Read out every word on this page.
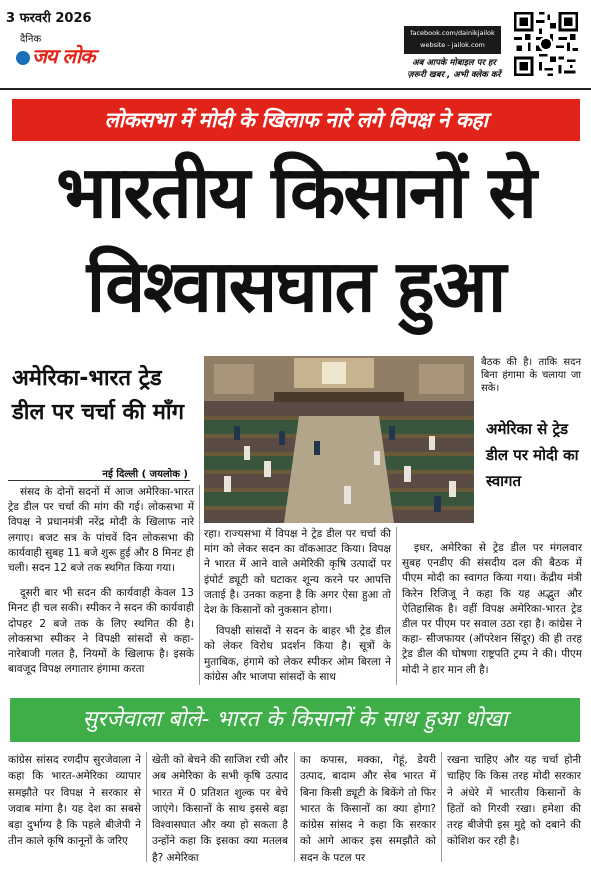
3 फरवरी 2026
दैनिक
जय लोक
facebook.com/dainikjailok
website - jailok.com
अब आपके मोबाइल पर हर
ज़रूरी खबर , अभी क्लेक करें
लोकसभा में मोदी के खिलाफ नारे लगे विपक्ष ने कहा
भारतीय किसानों से
विश्वासघात हुआ
अमेरिका-भारत ट्रेड डील पर चर्चा की माँग
नई दिल्ली ( जयलोक )
बैठक की है। ताकि सदन बिना हंगामा के चलाया जा सके।
अमेरिका से ट्रेड डील पर मोदी का स्वागत

संसद के दोनों सदनों में आज अमेरिका-भारत ट्रेड डील पर चर्चा की मांग की गई। लोकसभा में विपक्ष ने प्रधानमंत्री नरेंद्र मोदी के खिलाफ नारे लगाए। बजट सत्र के पांचवें दिन लोकसभा की कार्यवाही सुबह 11 बजे शुरू हुई और 8 मिनट ही चली। सदन 12 बजे तक स्थगित किया गया।

दूसरी बार भी सदन की कार्यवाही केवल 13 मिनट ही चल सकी। स्पीकर ने सदन की कार्यवाही दोपहर 2 बजे तक के लिए स्थगित की है। लोकसभा स्पीकर ने विपक्षी सांसदों से कहा- नारेबाजी गलत है, नियमों के खिलाफ है। इसके बावजूद विपक्ष लगातार हंगामा करता

रहा। राज्यसभा में विपक्ष ने ट्रेड डील पर चर्चा की मांग को लेकर सदन का वॉकआउट किया। विपक्ष ने भारत में आने वाले अमेरिकी कृषि उत्पादों पर इंपोर्ट ड्यूटी को घटाकर शून्य करने पर आपत्ति जताई है। उनका कहना है कि अगर ऐसा हुआ तो देश के किसानों को नुकसान होगा।

विपक्षी सांसदों ने सदन के बाहर भी ट्रेड डील को लेकर विरोध प्रदर्शन किया है। सूत्रों के मुताबिक, हंगामे को लेकर स्पीकर ओम बिरला ने कांग्रेस और भाजपा सांसदों के साथ

इधर, अमेरिका से ट्रेड डील पर मंगलवार सुबह एनडीए की संसदीय दल की बैठक में पीएम मोदी का स्वागत किया गया। केंद्रीय मंत्री किरेन रिजिजू ने कहा कि यह अद्भुत और ऐतिहासिक है। वहीं विपक्ष अमेरिका-भारत ट्रेड डील पर पीएम पर सवाल उठा रहा है। कांग्रेस ने कहा- सीजफायर (ऑपरेशन सिंदूर) की ही तरह ट्रेड डील की घोषणा राष्ट्रपति ट्रम्प ने की। पीएम मोदी ने हार मान ली है।

सुरजेवाला बोले- भारत के किसानों के साथ हुआ धोखा
कांग्रेस सांसद रणदीप सुरजेवाला ने कहा कि भारत-अमेरिका व्यापार समझौते पर विपक्ष ने सरकार से जवाब मांगा है। यह देश का सबसे बड़ा दुर्भाग्य है कि पहले बीजेपी ने तीन काले कृषि कानूनों के जरिए
खेती को बेचने की साजिश रची और अब अमेरिका के सभी कृषि उत्पाद भारत में 0 प्रतिशत शुल्क पर बेचे जाएंगे। किसानों के साथ इससे बड़ा विश्वासघात और क्या हो सकता है उन्होंने कहा कि इसका क्या मतलब है? अमेरिका
का कपास, मक्का, गेहूं, डेयरी उत्पाद, बादाम और सेब भारत में बिना किसी ड्यूटी के बिकेंगे तो फिर भारत के किसानों का क्या होगा? कांग्रेस सांसद ने कहा कि सरकार को आगे आकर इस समझौते को सदन के पटल पर
रखना चाहिए और यह चर्चा होनी चाहिए कि किस तरह मोदी सरकार ने अंधेरे में भारतीय किसानों के हितों को गिरवी रखा। हमेशा की तरह बीजेपी इस मुद्दे को दबाने की कोशिश कर रही है।
